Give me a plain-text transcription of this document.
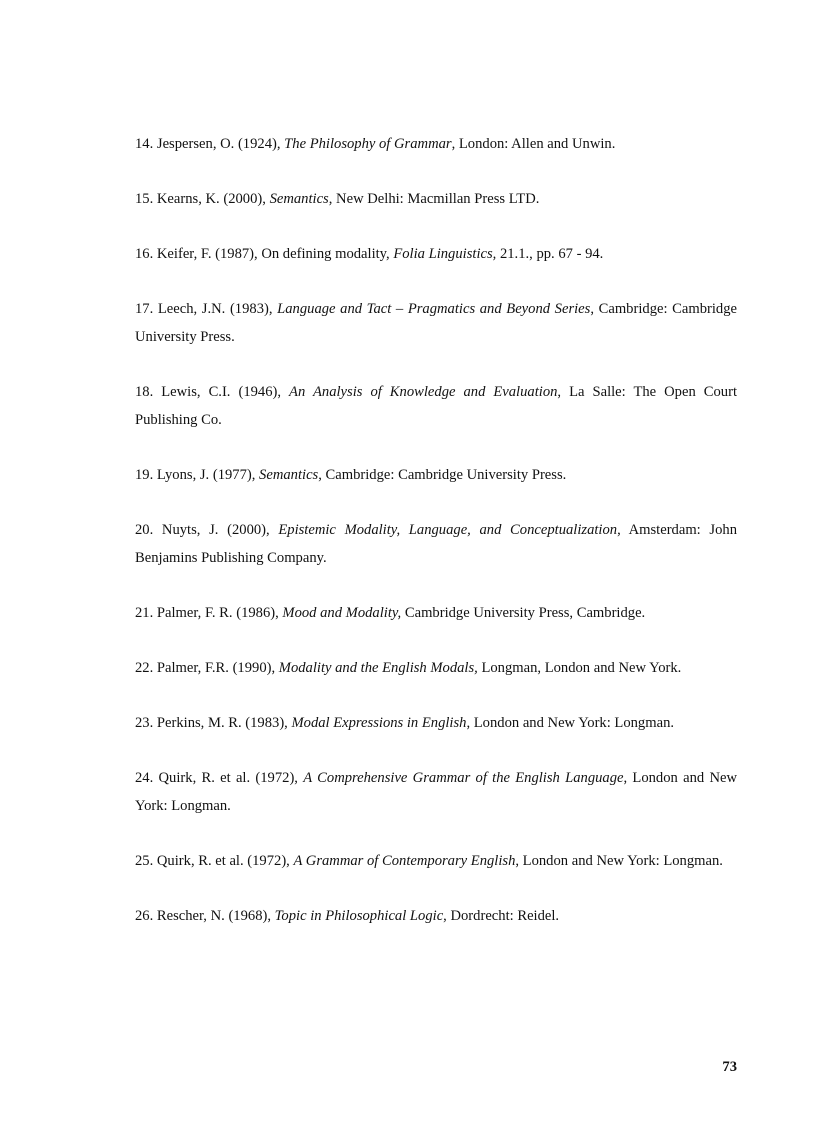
14. Jespersen, O. (1924), The Philosophy of Grammar, London: Allen and Unwin.
15. Kearns, K. (2000), Semantics, New Delhi: Macmillan Press LTD.
16. Keifer, F. (1987), On defining modality, Folia Linguistics, 21.1., pp. 67 - 94.
17. Leech, J.N. (1983), Language and Tact – Pragmatics and Beyond Series, Cambridge: Cambridge University Press.
18. Lewis, C.I. (1946), An Analysis of Knowledge and Evaluation, La Salle: The Open Court Publishing Co.
19. Lyons, J. (1977), Semantics, Cambridge: Cambridge University Press.
20. Nuyts, J. (2000), Epistemic Modality, Language, and Conceptualization, Amsterdam: John Benjamins Publishing Company.
21. Palmer, F. R. (1986), Mood and Modality, Cambridge University Press, Cambridge.
22. Palmer, F.R. (1990), Modality and the English Modals, Longman, London and New York.
23. Perkins, M. R. (1983), Modal Expressions in English, London and New York: Longman.
24. Quirk, R. et al. (1972), A Comprehensive Grammar of the English Language, London and New York: Longman.
25. Quirk, R. et al. (1972), A Grammar of Contemporary English, London and New York: Longman.
26. Rescher, N. (1968), Topic in Philosophical Logic, Dordrecht: Reidel.
73
